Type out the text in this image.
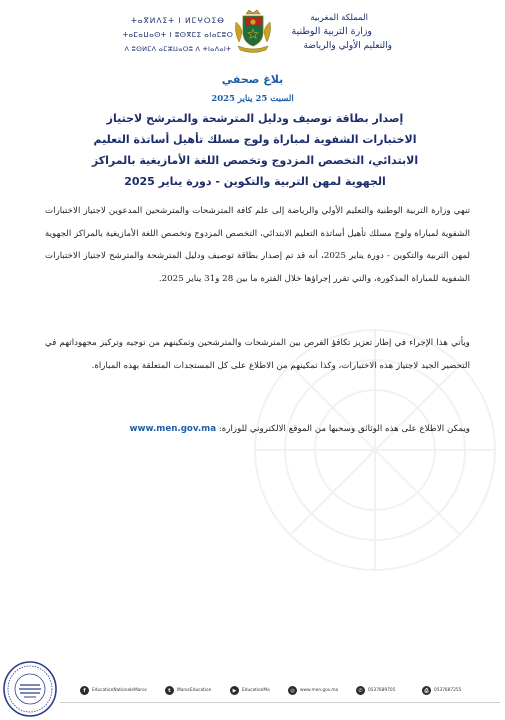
ⵜⴰⴳⵍⴷⵉⵜ ⵏ ⵍⵎⵖⵔⵉⴱ
ⵜⴰⵎⴰⵡⴰⵙⵜ ⵏ ⵓⵙⴳⵎⵉ ⴰⵏⴰⵎⵓⵔ
ⴷ ⵓⵙⵍⵎⴷ ⴰⵎⵣⵡⴰⵔⵓ ⴷ ⵜⵏⴰⴷⴰⵏⵜ
المملكة المغربية
وزارة التربية الوطنية
والتعليم الأولي والرياضة
بلاغ صحفي
السبت 25 يناير 2025
إصدار بطاقة توصيف ودليل المترشحة والمترشح لاجتياز الاختبارات الشفوية لمباراة ولوج مسلك تأهيل أساتذة التعليم الابتدائي، التخصص المزدوج وتخصص اللغة الأمازيغية بالمراكز الجهوية لمهن التربية والتكوين - دورة يناير 2025
تنهي وزارة التربية الوطنية والتعليم الأولي والرياضة إلى علم كافة المترشحات والمترشحين المدعوين لاجتياز الاختبارات الشفوية لمباراة ولوج مسلك تأهيل أساتذة التعليم الابتدائي، التخصص المزدوج وتخصص اللغة الأمازيغية بالمراكز الجهوية لمهن التربية والتكوين - دورة يناير 2025، أنه قد تم إصدار بطاقة توصيف ودليل المترشحة والمترشح لاجتياز الاختبارات الشفوية للمباراة المذكورة، والتي تقرر إجراؤها خلال الفترة ما بين 28 و31 يناير 2025.
ويأتي هذا الإجراء في إطار تعزيز تكافؤ الفرص بين المترشحات والمترشحين وتمكينهم من توجيه وتركيز مجهوداتهم في التحضير الجيد لاجتياز هذه الاختبارات، وكذا تمكينهم من الاطلاع على كل المستجدات المتعلقة بهذه المباراة.
ويمكن الاطلاع على هذه الوثائق وسحبها من الموقع الالكتروني للوزارة: www.men.gov.ma
f	EducationNationaleMaroc	t	MarocEducation	▶	EducationMa	◎	www.men.gov.ma	✆	0537689705	⎙	0537687255
